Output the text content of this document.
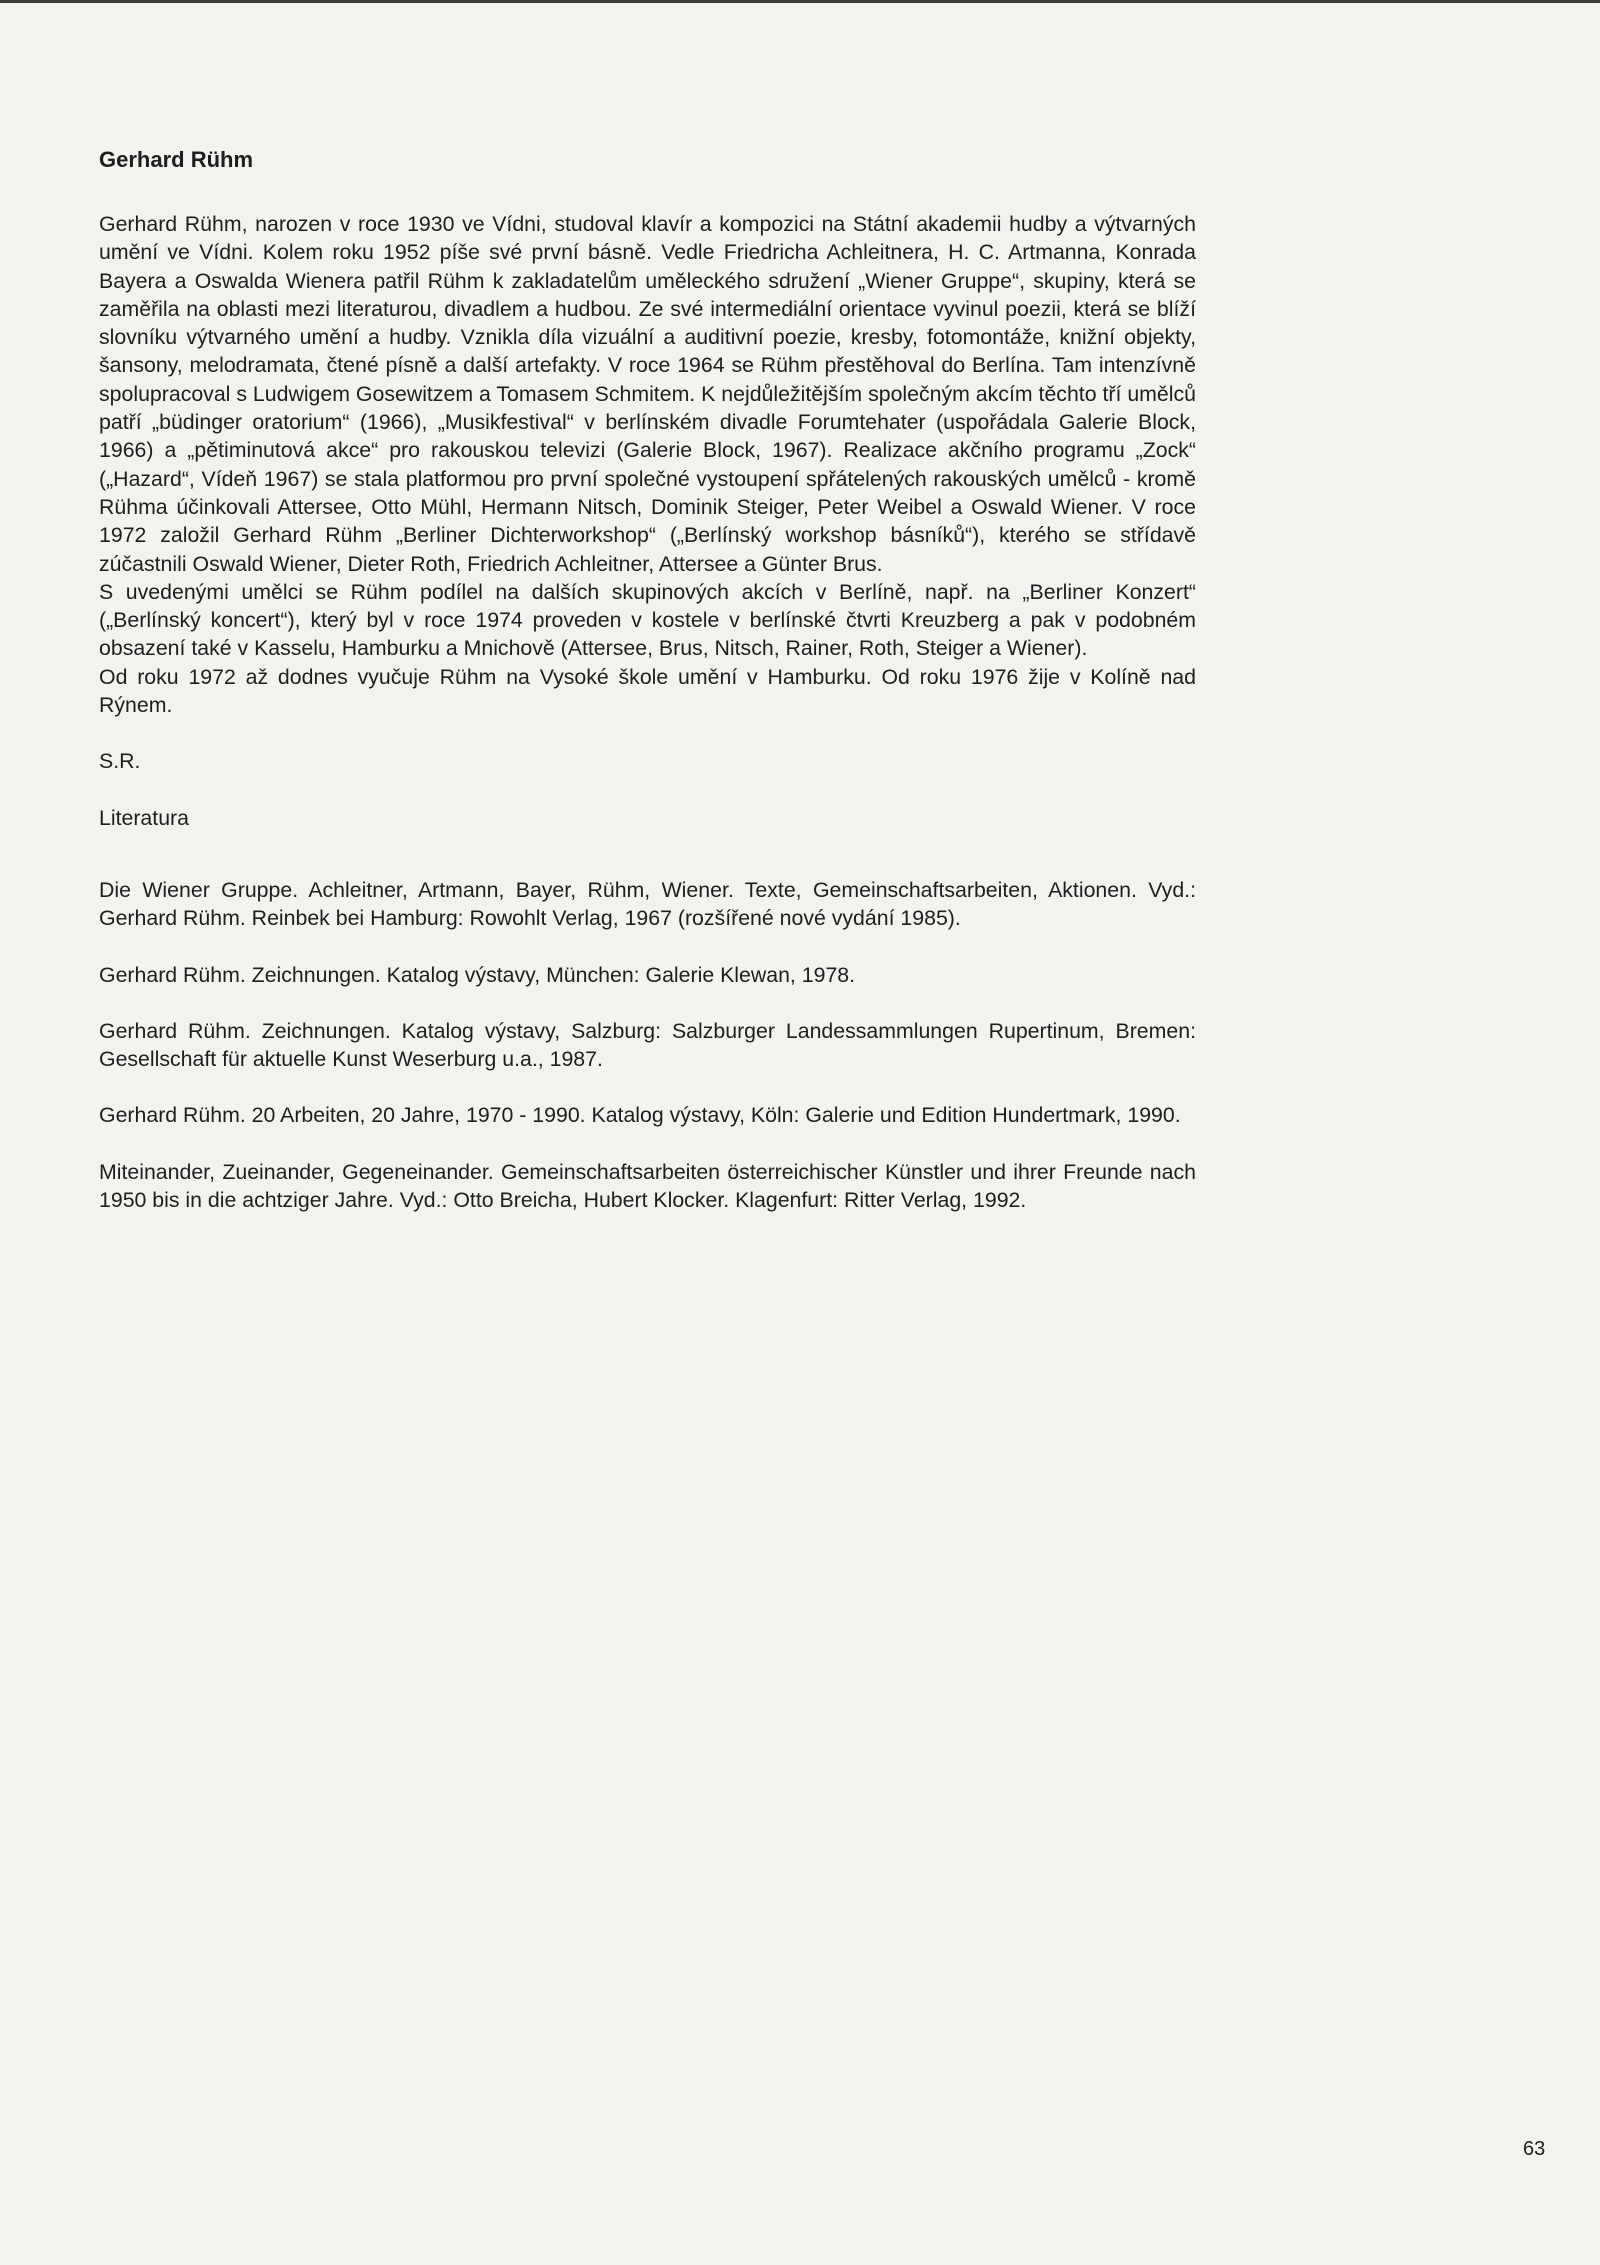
Gerhard Rühm

Gerhard Rühm, narozen v roce 1930 ve Vídni, studoval klavír a kompozici na Státní akademii hudby a výtvarných umění ve Vídni. Kolem roku 1952 píše své první básně. Vedle Friedricha Achleitnera, H. C. Artmanna, Konrada Bayera a Oswalda Wienera patřil Rühm k zakladatelům uměleckého sdružení „Wiener Gruppe“, skupiny, která se zaměřila na oblasti mezi literaturou, divadlem a hudbou. Ze své intermediální orientace vyvinul poezii, která se blíží slovníku výtvarného umění a hudby. Vznikla díla vizuální a auditivní poezie, kresby, fotomontáže, knižní objekty, šansony, melodramata, čtené písně a další artefakty. V roce 1964 se Rühm přestěhoval do Berlína. Tam intenzívně spolupracoval s Ludwigem Gosewitzem a Tomasem Schmitem. K nejdůležitějším společným akcím těchto tří umělců patří „büdinger oratorium“ (1966), „Musikfestival“ v berlínském divadle Forumtehater (uspořádala Galerie Block, 1966) a „pětiminutová akce“ pro rakouskou televizi (Galerie Block, 1967). Realizace akčního programu „Zock“ („Hazard“, Vídeň 1967) se stala platformou pro první společné vystoupení spřátelených rakouských umělců - kromě Rühma účinkovali Attersee, Otto Mühl, Hermann Nitsch, Dominik Steiger, Peter Weibel a Oswald Wiener. V roce 1972 založil Gerhard Rühm „Berliner Dichterworkshop“ („Berlínský workshop básníků“), kterého se střídavě zúčastnili Oswald Wiener, Dieter Roth, Friedrich Achleitner, Attersee a Günter Brus.

S uvedenými umělci se Rühm podílel na dalších skupinových akcích v Berlíně, např. na „Berliner Konzert“ („Berlínský koncert“), který byl v roce 1974 proveden v kostele v berlínské čtvrti Kreuzberg a pak v podobném obsazení také v Kasselu, Hamburku a Mnichově (Attersee, Brus, Nitsch, Rainer, Roth, Steiger a Wiener).

Od roku 1972 až dodnes vyučuje Rühm na Vysoké škole umění v Hamburku. Od roku 1976 žije v Kolíně nad Rýnem.

S.R.

Literatura

Die Wiener Gruppe. Achleitner, Artmann, Bayer, Rühm, Wiener. Texte, Gemeinschaftsarbeiten, Aktionen. Vyd.: Gerhard Rühm. Reinbek bei Hamburg: Rowohlt Verlag, 1967 (rozšířené nové vydání 1985).

Gerhard Rühm. Zeichnungen. Katalog výstavy, München: Galerie Klewan, 1978.

Gerhard Rühm. Zeichnungen. Katalog výstavy, Salzburg: Salzburger Landessammlungen Rupertinum, Bremen: Gesellschaft für aktuelle Kunst Weserburg u.a., 1987.

Gerhard Rühm. 20 Arbeiten, 20 Jahre, 1970 - 1990. Katalog výstavy, Köln: Galerie und Edition Hundertmark, 1990.

Miteinander, Zueinander, Gegeneinander. Gemeinschaftsarbeiten österreichischer Künstler und ihrer Freunde nach 1950 bis in die achtziger Jahre. Vyd.: Otto Breicha, Hubert Klocker. Klagenfurt: Ritter Verlag, 1992.

63
